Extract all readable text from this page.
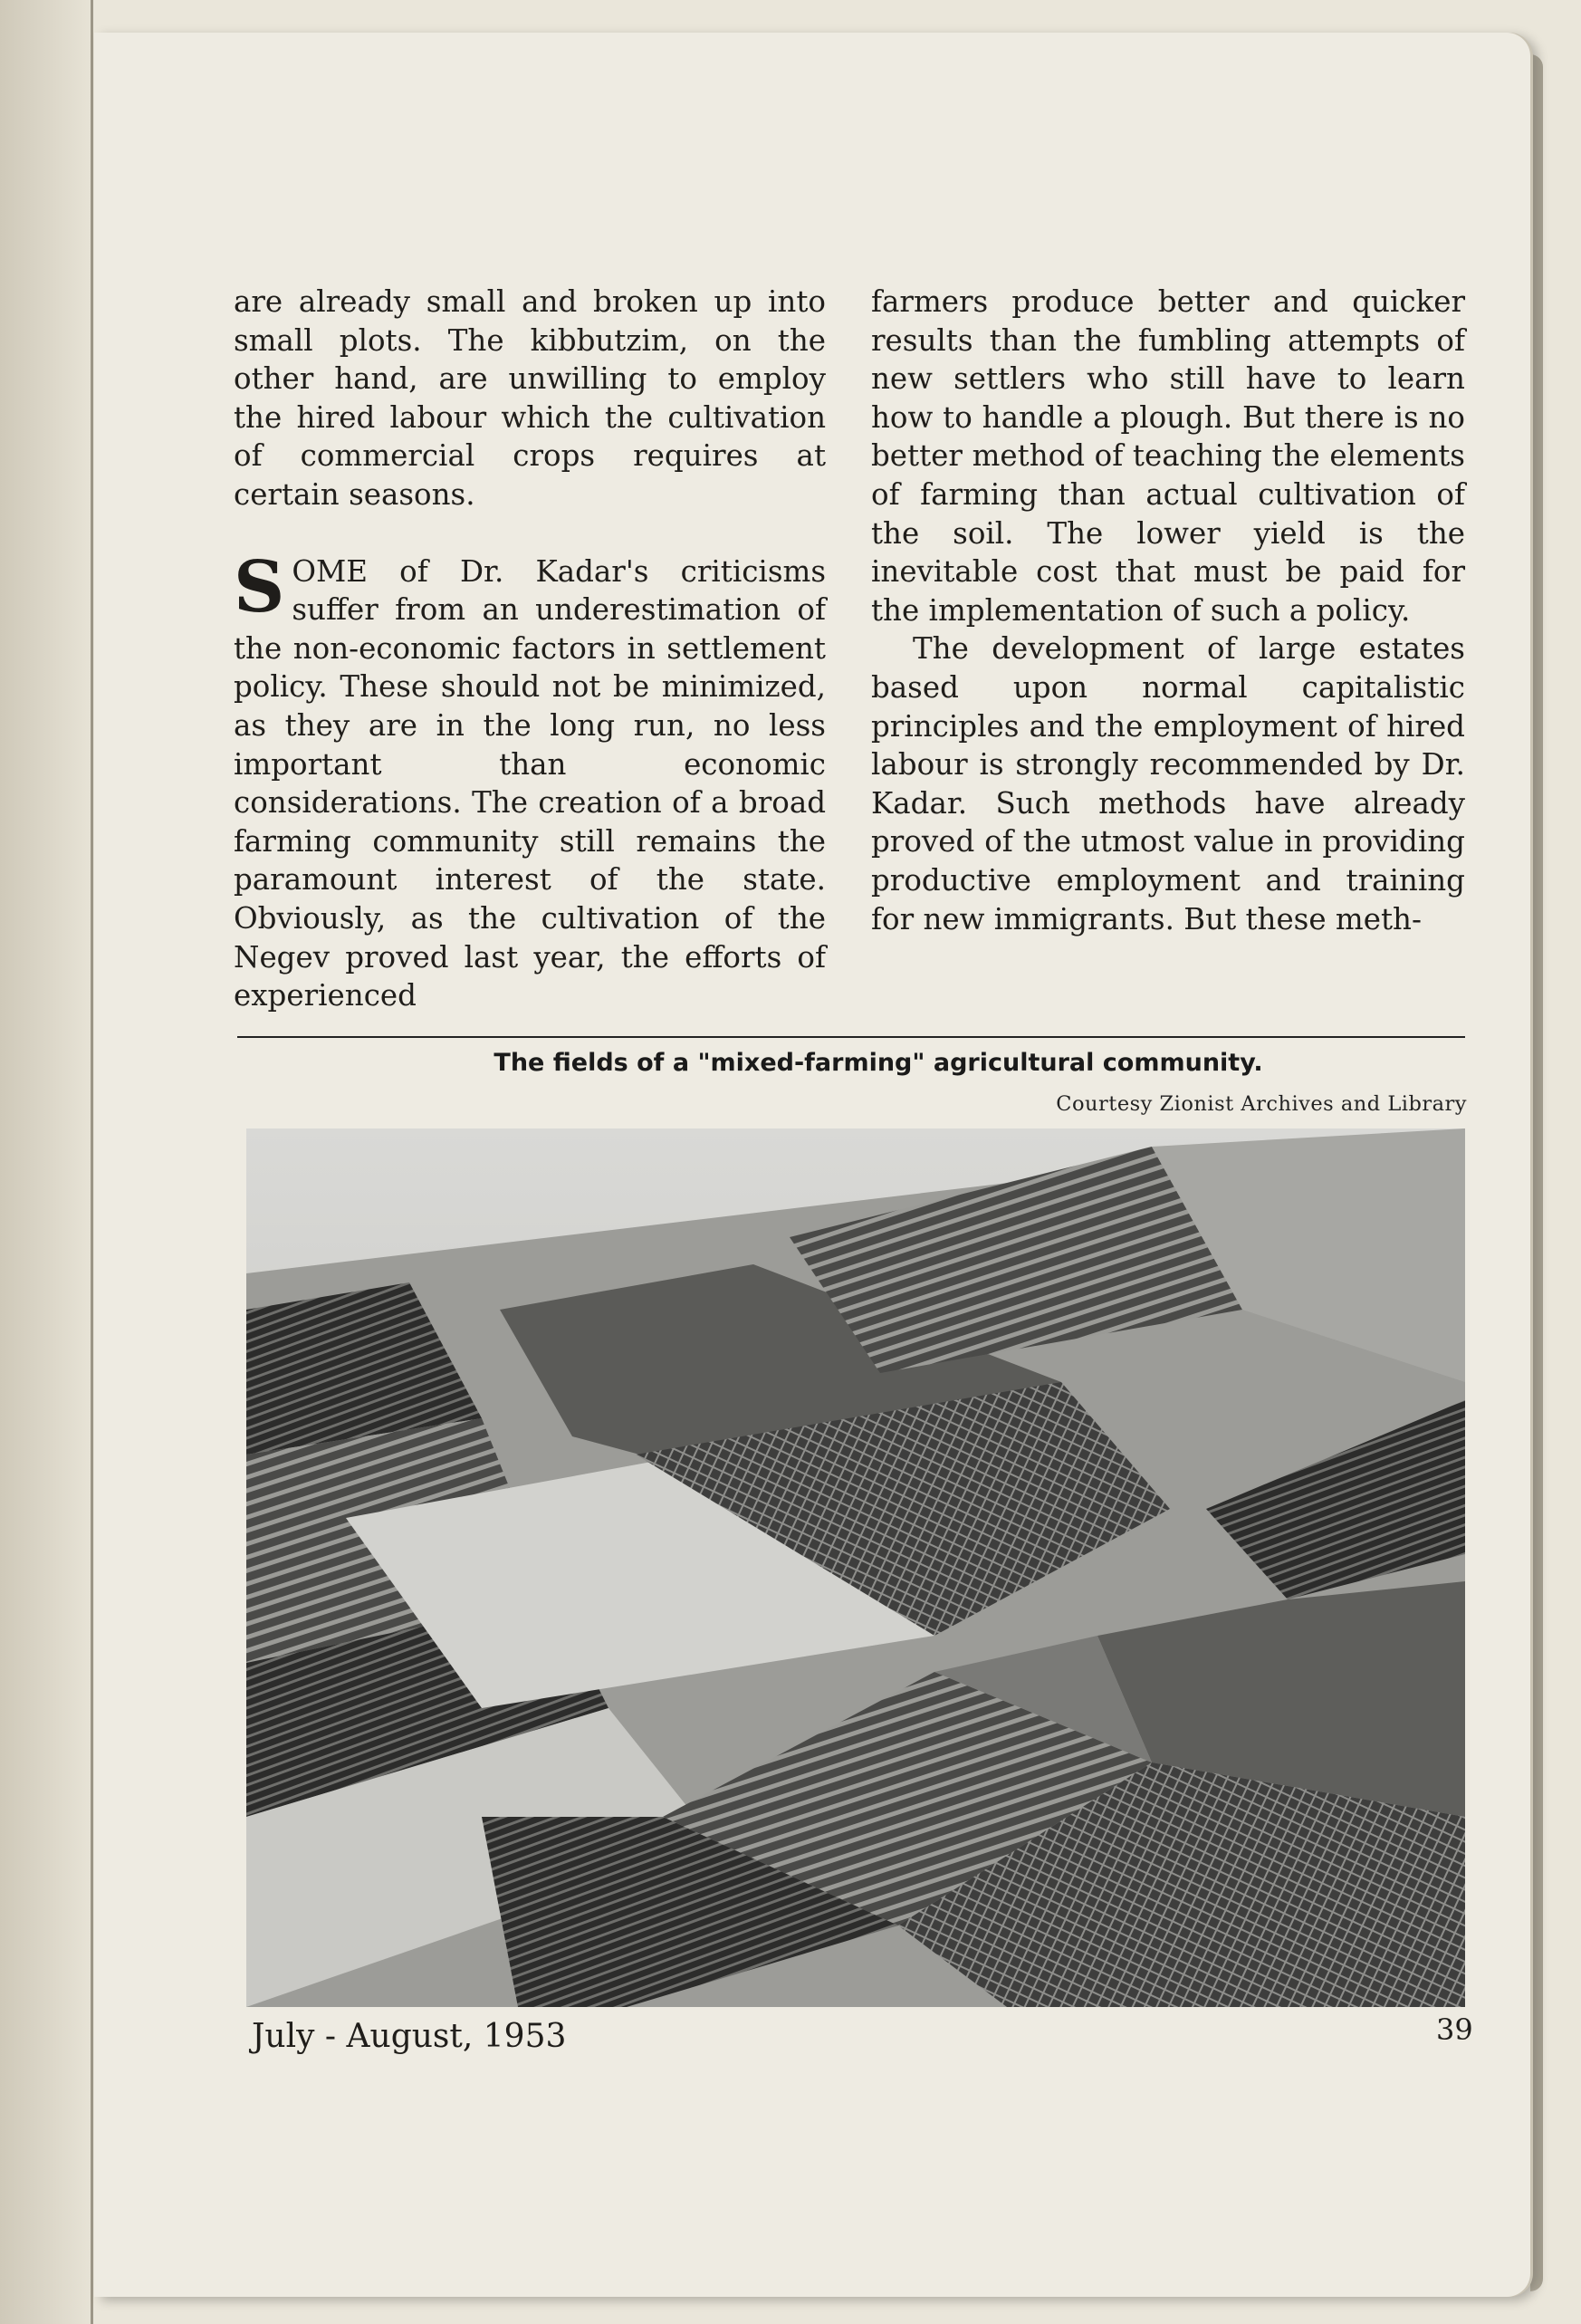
are already small and broken up into small plots. The kibbutzim, on the other hand, are unwilling to employ the hired labour which the cultivation of commercial crops requires at certain seasons.

SOME of Dr. Kadar's criticisms suffer from an underestimation of the non-economic factors in settlement policy. These should not be minimized, as they are in the long run, no less important than economic considerations. The creation of a broad farming community still remains the paramount interest of the state. Obviously, as the cultivation of the Negev proved last year, the efforts of experienced

farmers produce better and quicker results than the fumbling attempts of new settlers who still have to learn how to handle a plough. But there is no better method of teaching the elements of farming than actual cultivation of the soil. The lower yield is the inevitable cost that must be paid for the implementation of such a policy.

The development of large estates based upon normal capitalistic principles and the employment of hired labour is strongly recommended by Dr. Kadar. Such methods have already proved of the utmost value in providing productive employment and training for new immigrants. But these meth-

The fields of a "mixed-farming" agricultural community.
Courtesy Zionist Archives and Library
July - August, 1953	39
